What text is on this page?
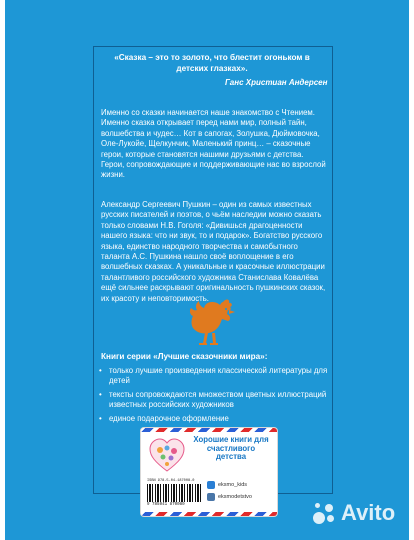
«Сказка – это то золото, что блестит огоньком в детских глазках».
Ганс Христиан Андерсен
Именно со сказки начинается наше знакомство с Чтением. Именно сказка открывает перед нами мир, полный тайн, волшебства и чудес… Кот в сапогах, Золушка, Дюймовочка, Оле-Лукойе, Щелкунчик, Маленький принц… – сказочные герои, которые становятся нашими друзьями с детства. Герои, сопровождающие и поддерживающие нас во взрослой жизни.
Александр Сергеевич Пушкин – один из самых известных русских писателей и поэтов, о чьём наследии можно сказать только словами Н.В. Гоголя: «Дивишься драгоценности нашего языка: что ни звук, то и подарок». Богатство русского языка, единство народного творчества и самобытного таланта А.С. Пушкина нашло своё воплощение в его волшебных сказках. А уникальные и красочные иллюстрации талантливого российского художника Станислава Ковалёва ещё сильнее раскрывают оригинальность пушкинских сказок, их красоту и неповторимость.
Книги серии «Лучшие сказочники мира»:
• только лучшие произведения классической литературы для детей
• тексты сопровождаются множеством цветных иллюстраций известных российских художников
• единое подарочное оформление
Хорошие книги для счастливого детства
ISBN 978-5-04-187008-0
9 785041 870080
eksmo_kids
eksmodetstvo
Avito
